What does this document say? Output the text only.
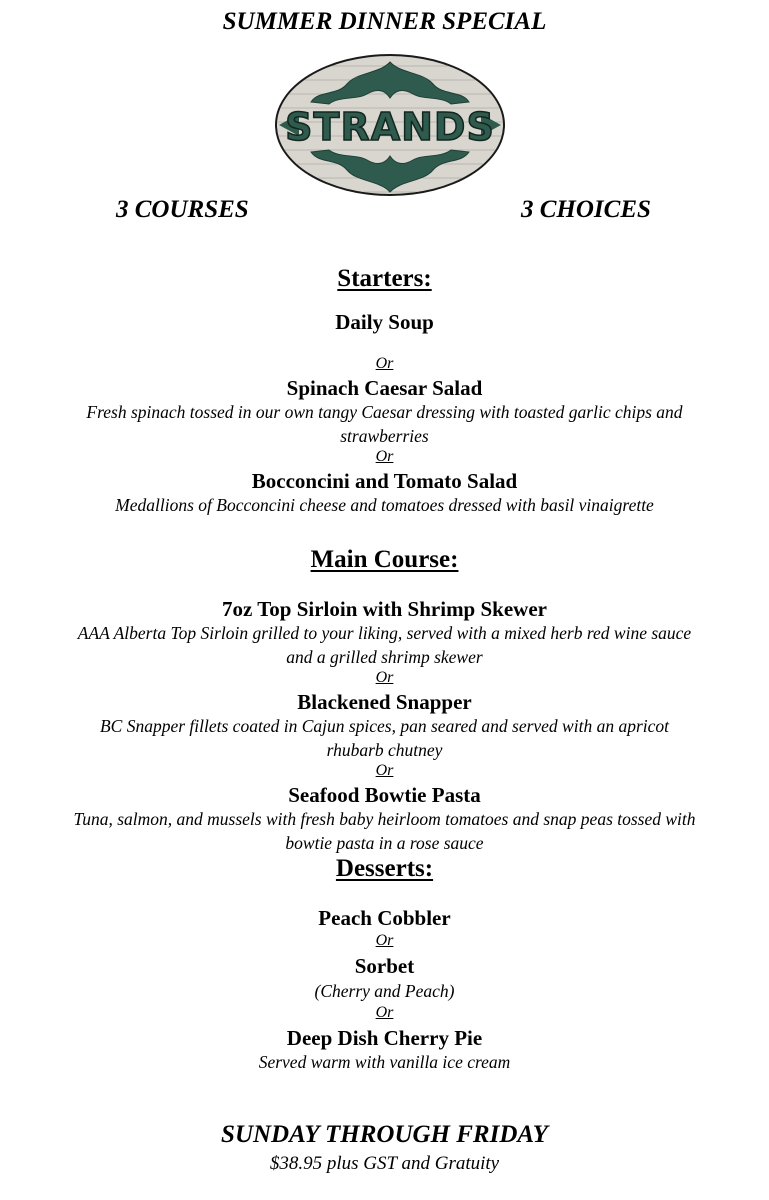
SUMMER DINNER SPECIAL
STRANDS
3 COURSES	3 CHOICES
Starters:
Daily Soup
Or
Spinach Caesar Salad
Fresh spinach tossed in our own tangy Caesar dressing with toasted garlic chips and
strawberries
Or
Bocconcini and Tomato Salad
Medallions of Bocconcini cheese and tomatoes dressed with basil vinaigrette
Main Course:
7oz Top Sirloin with Shrimp Skewer
AAA Alberta Top Sirloin grilled to your liking, served with a mixed herb red wine sauce
and a grilled shrimp skewer
Or
Blackened Snapper
BC Snapper fillets coated in Cajun spices, pan seared and served with an apricot
rhubarb chutney
Or
Seafood Bowtie Pasta
Tuna, salmon, and mussels with fresh baby heirloom tomatoes and snap peas tossed with
bowtie pasta in a rose sauce
Desserts:
Peach Cobbler
Or
Sorbet
(Cherry and Peach)
Or
Deep Dish Cherry Pie
Served warm with vanilla ice cream
SUNDAY THROUGH FRIDAY
$38.95 plus GST and Gratuity
